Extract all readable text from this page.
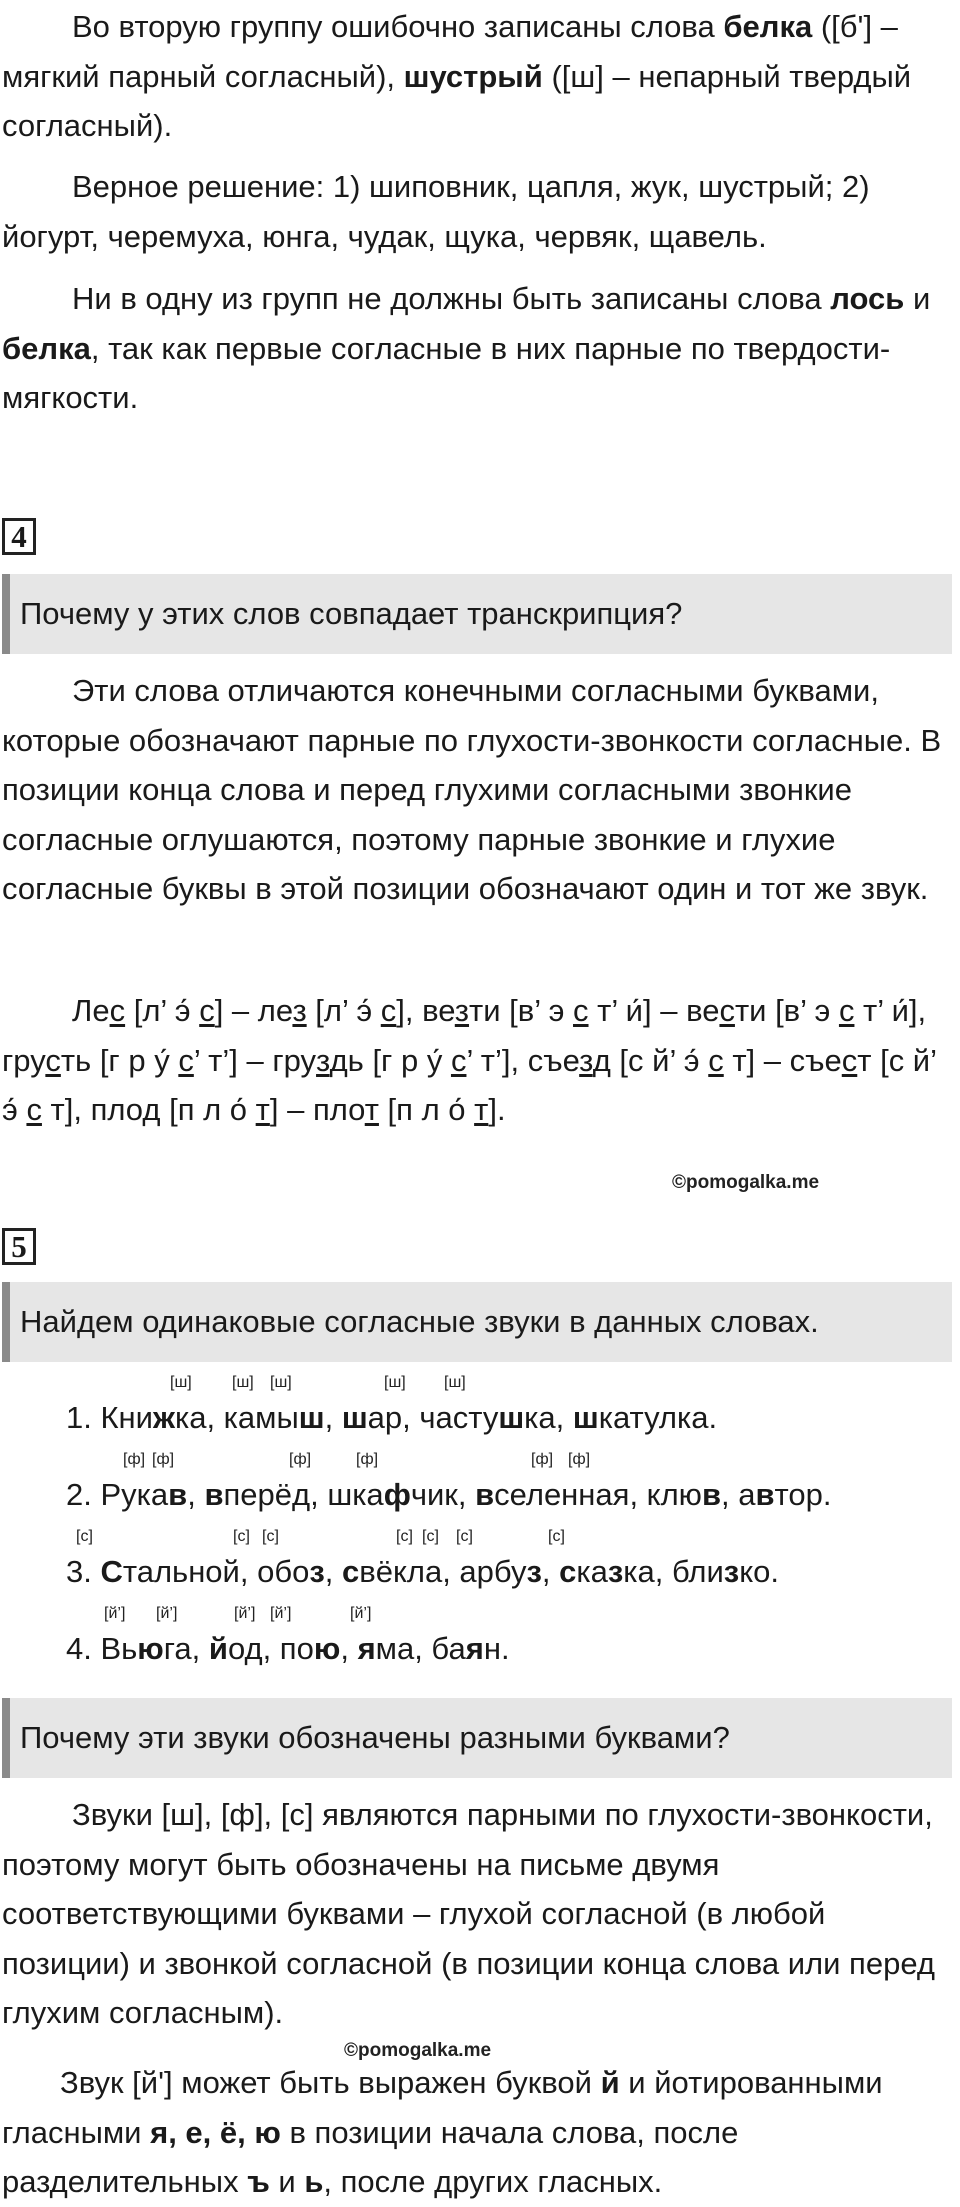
Во вторую группу ошибочно записаны слова белка ([б'] – мягкий парный согласный), шустрый ([ш] – непарный твердый согласный).

Верное решение: 1) шиповник, цапля, жук, шустрый; 2) йогурт, черемуха, юнга, чудак, щука, червяк, щавель.

Ни в одну из групп не должны быть записаны слова лось и белка, так как первые согласные в них парные по твердости-мягкости.

4
Почему у этих слов совпадает транскрипция?

Эти слова отличаются конечными согласными буквами, которые обозначают парные по глухости-звонкости согласные. В позиции конца слова и перед глухими согласными звонкие согласные оглушаются, поэтому парные звонкие и глухие согласные буквы в этой позиции обозначают один и тот же звук.

Лес [л’ э́ с] – лез [л’ э́ с], везти [в’ э с т’ и́] – вести [в’ э с т’ и́], грусть [г р у́ с’ т’] – груздь [г р у́ с’ т’], съезд [с й’ э́ с т] – съест [с й’ э́ с т], плод [п л о́ т] – плот [п л о́ т].

©pomogalka.me
5
Найдем одинаковые согласные звуки в данных словах.
[ш]	[ш] [ш]	[ш] [ш]
1. Книжка, камыш, шар, частушка, шкатулка.
[ф] [ф]	[ф]	[ф]	[ф] [ф]
2. Рукав, вперёд, шкафчик, вселенная, клюв, автор.
[с]	[с] [с]	[с] [с] [с]	[с]
3. Стальной, обоз, свёкла, арбуз, сказка, близко.
[й’] [й’]	[й’] [й’]	[й’]
4. Вьюга, йод, пою, яма, баян.
Почему эти звуки обозначены разными буквами?

Звуки [ш], [ф], [с] являются парными по глухости-звонкости, поэтому могут быть обозначены на письме двумя соответствующими буквами – глухой согласной (в любой позиции) и звонкой согласной (в позиции конца слова или перед глухим согласным).

©pomogalka.me

Звук [й'] может быть выражен буквой й и йотированными гласными я, е, ё, ю в позиции начала слова, после разделительных ъ и ь, после других гласных.
